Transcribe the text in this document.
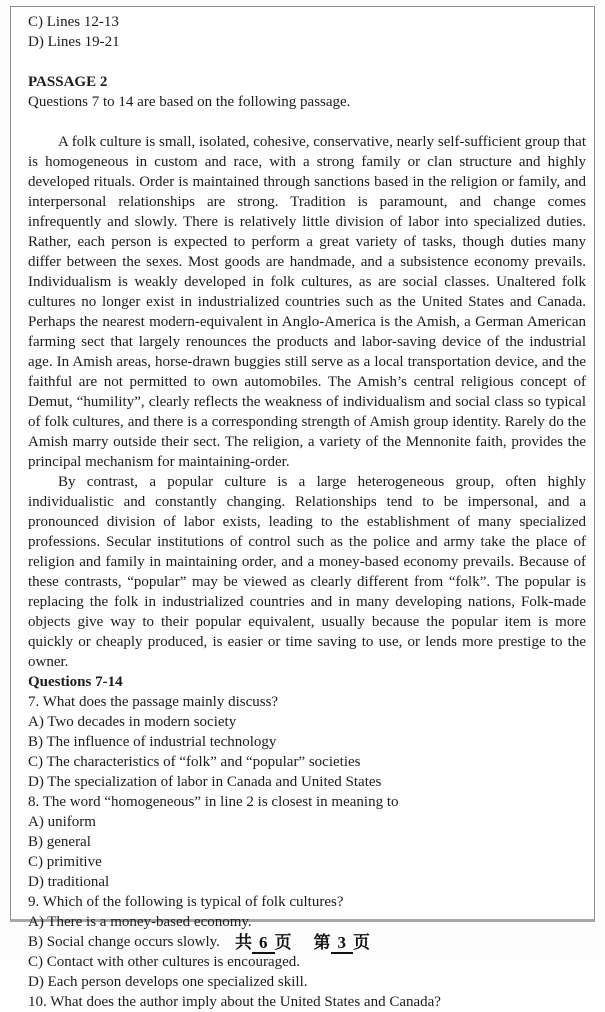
C) Lines 12-13
D) Lines 19-21
PASSAGE 2
Questions 7 to 14 are based on the following passage.

A folk culture is small, isolated, cohesive, conservative, nearly self-sufficient group that is homogeneous in custom and race, with a strong family or clan structure and highly developed rituals. Order is maintained through sanctions based in the religion or family, and interpersonal relationships are strong. Tradition is paramount, and change comes infrequently and slowly. There is relatively little division of labor into specialized duties. Rather, each person is expected to perform a great variety of tasks, though duties many differ between the sexes. Most goods are handmade, and a subsistence economy prevails. Individualism is weakly developed in folk cultures, as are social classes. Unaltered folk cultures no longer exist in industrialized countries such as the United States and Canada. Perhaps the nearest modern-equivalent in Anglo-America is the Amish, a German American farming sect that largely renounces the products and labor-saving device of the industrial age. In Amish areas, horse-drawn buggies still serve as a local transportation device, and the faithful are not permitted to own automobiles. The Amish’s central religious concept of Demut, “humility”, clearly reflects the weakness of individualism and social class so typical of folk cultures, and there is a corresponding strength of Amish group identity. Rarely do the Amish marry outside their sect. The religion, a variety of the Mennonite faith, provides the principal mechanism for maintaining-order.

By contrast, a popular culture is a large heterogeneous group, often highly individualistic and constantly changing. Relationships tend to be impersonal, and a pronounced division of labor exists, leading to the establishment of many specialized professions. Secular institutions of control such as the police and army take the place of religion and family in maintaining order, and a money-based economy prevails. Because of these contrasts, “popular” may be viewed as clearly different from “folk”. The popular is replacing the folk in industrialized countries and in many developing nations, Folk-made objects give way to their popular equivalent, usually because the popular item is more quickly or cheaply produced, is easier or time saving to use, or lends more prestige to the owner.

Questions 7-14
7. What does the passage mainly discuss?
A) Two decades in modern society
B) The influence of industrial technology
C) The characteristics of “folk” and “popular” societies
D) The specialization of labor in Canada and United States
8. The word “homogeneous” in line 2 is closest in meaning to
A) uniform
B) general
C) primitive
D) traditional
9. Which of the following is typical of folk cultures?
A) There is a money-based economy.
B) Social change occurs slowly.
C) Contact with other cultures is encouraged.
D) Each person develops one specialized skill.
10. What does the author imply about the United States and Canada?
共 6 页 第 3 页
